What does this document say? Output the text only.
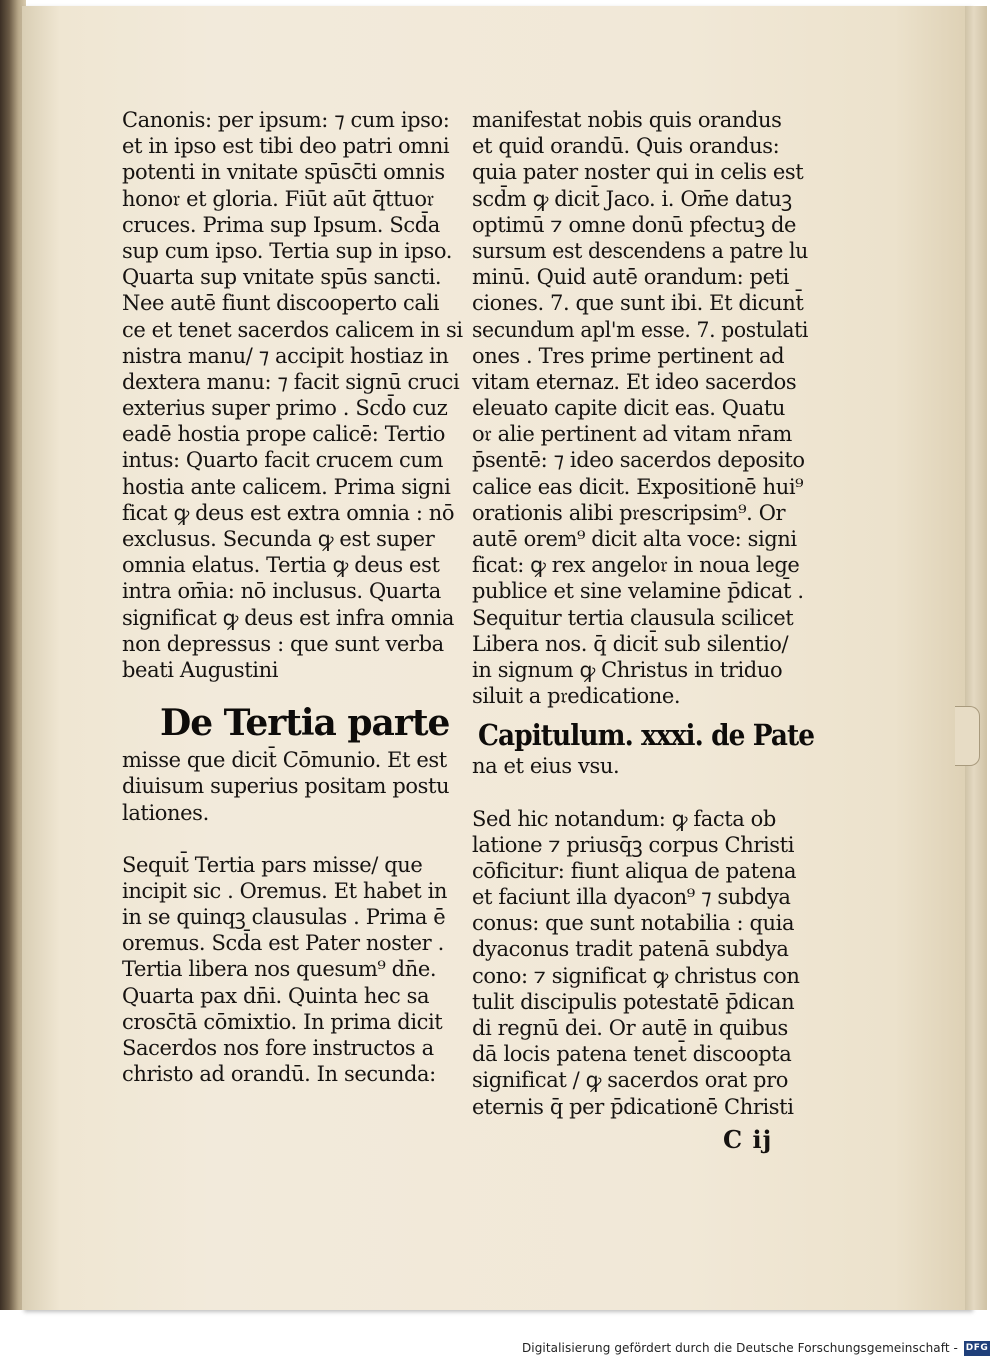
Canonis: per ipsum: ⁊ cum ipso:
et in ipso est tibi deo patri omni
potenti in vnitate spūsc̄ti omnis
hono𝔯 et gloria. Fiūt aūt q̄ttuo𝔯
cruces. Prima sup Ipsum. Scd̄a
sup cum ipso. Tertia sup in ipso.
Quarta sup vnitate spūs sancti.
Nee autē fiunt discooperto cali
ce et tenet sacerdos calicem in si
nistra manu/ ⁊ accipit hostiaz in
dextera manu: ⁊ facit signū cruci
exterius super primo . Scd̄o cuz
eadē hostia prope calicē: Tertio
intus: Quarto facit crucem cum
hostia ante calicem. Prima signi
ficat ꝙ deus est extra omnia : nō
exclusus. Secunda ꝙ est super
omnia elatus. Tertia ꝙ deus est
intra om̄ia: nō inclusus. Quarta
significat ꝙ deus est infra omnia
non depressus : que sunt verba
beati Augustini
De Tertia parte
misse que dicit̄ Cōmunio. Et est
diuisum superius positam postu
lationes.
Sequit̄ Tertia pars misse/ que
incipit sic . Oremus. Et habet in
in se quinqꝫ clausulas . Prima ē
oremus. Scd̄a est Pater noster .
Tertia libera nos quesum⁹ dn̄e.
Quarta pax dn̄i. Quinta hec sa
crosc̄tā cōmixtio. In prima dicit
Sacerdos nos fore instructos a
christo ad orandū. In secunda:
manifestat nobis quis orandus
et quid orandū. Quis orandus:
quia pater noster qui in celis est
scd̄m ꝙ dicit̄ Jaco. i. Om̄e datuꝫ
optimū ⁊ omne donū pfectuꝫ de
sursum est descendens a patre lu
minū. Quid autē orandum: peti
ciones. 7. que sunt ibi. Et dicunt̄
secundum apl'm esse. 7. postulati
ones . Tres prime pertinent ad
vitam eternaz. Et ideo sacerdos
eleuato capite dicit eas. Quatu
o𝔯 alie pertinent ad vitam nr̄am
p̄sentē: ⁊ ideo sacerdos deposito
calice eas dicit. Expositionē hui⁹
orationis alibi p𝔯escripsim⁹. Or
autē orem⁹ dicit alta voce: signi
ficat: ꝙ rex angelo𝔯 in noua lege
publice et sine velamine p̄dicat̄ .
Sequitur tertia clausula scilicet
Libera nos. q̄ dicit̄ sub silentio/
in signum ꝙ Christus in triduo
siluit a p𝔯edicatione.
Capitulum. xxxi. de Pate
na et eius vsu.
Sed hic notandum: ꝙ facta ob
latione ⁊ priusq̄ꝫ corpus Christi
cōficitur: fiunt aliqua de patena
et faciunt illa dyacon⁹ ⁊ subdya
conus: que sunt notabilia : quia
dyaconus tradit patenā subdya
cono: ⁊ significat ꝙ christus con
tulit discipulis potestatē p̄dican
di regnū dei. Or autē in quibus
dā locis patena tenet̄ discoopta
significat / ꝙ sacerdos orat pro
eternis q̄ per p̄dicationē Christi
C ij
Digitalisierung gefördert durch die Deutsche Forschungsgemeinschaft - DFG
